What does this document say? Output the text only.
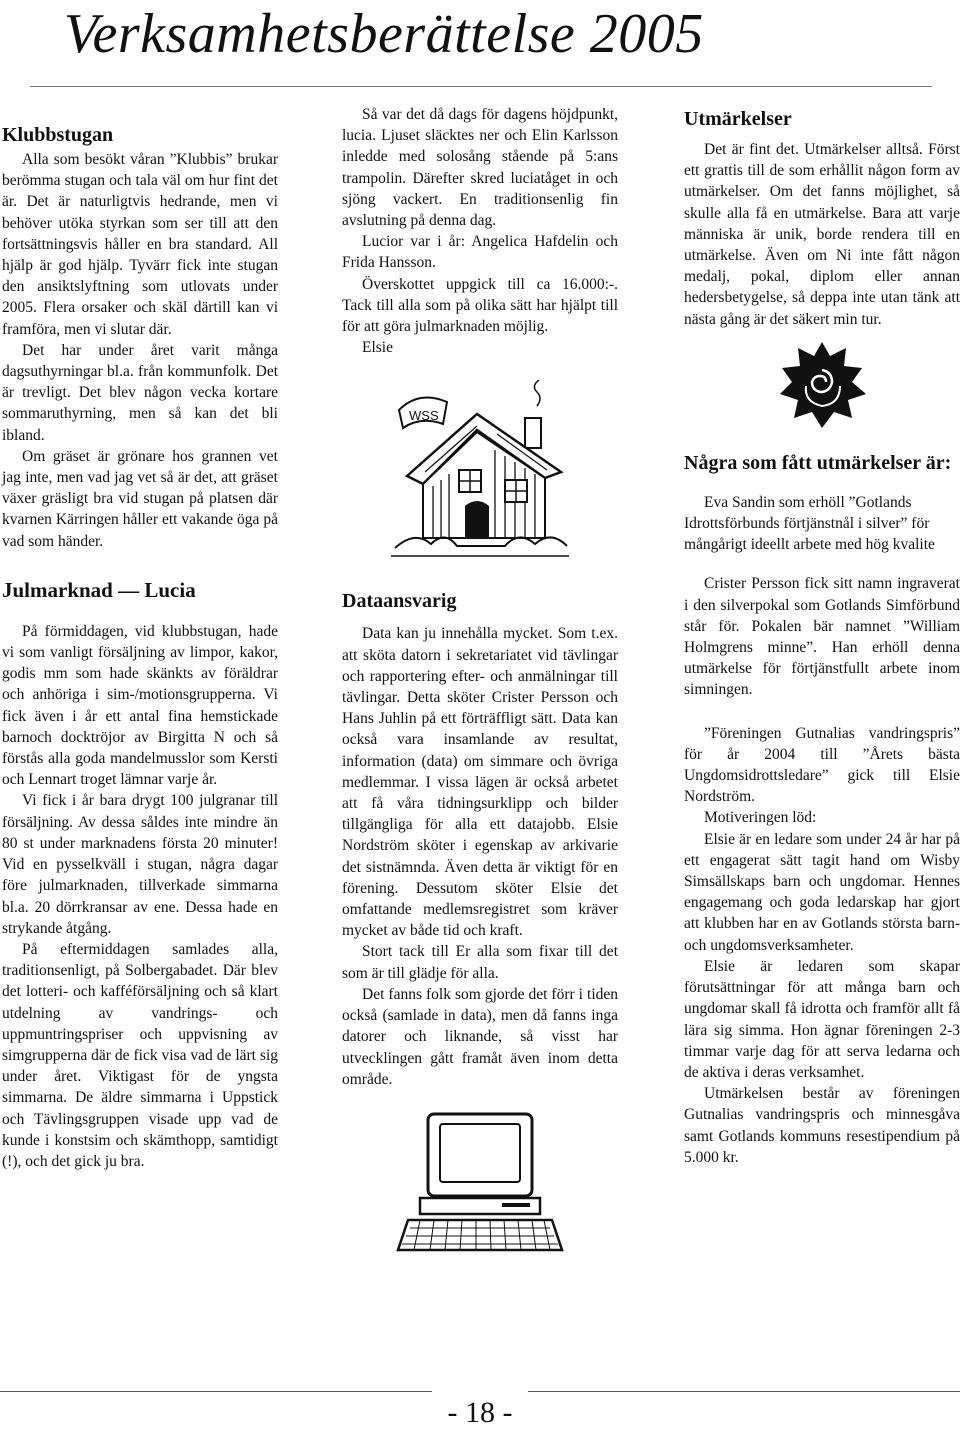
Verksamhetsberättelse 2005
Klubbstugan

Alla som besökt våran ”Klubbis” brukar berömma stugan och tala väl om hur fint det är. Det är naturligtvis hedrande, men vi behöver utöka styrkan som ser till att den fortsättningsvis håller en bra standard. All hjälp är god hjälp. Tyvärr fick inte stugan den ansiktslyftning som utlovats under 2005. Flera orsaker och skäl därtill kan vi framföra, men vi slutar där.

Det har under året varit många dagsuthyrningar bl.a. från kommunfolk. Det är trevligt. Det blev någon vecka kortare sommaruthyrning, men så kan det bli ibland.

Om gräset är grönare hos grannen vet jag inte, men vad jag vet så är det, att gräset växer gräsligt bra vid stugan på platsen där kvarnen Kärringen håller ett vakande öga på vad som händer.

Julmarknad — Lucia

På förmiddagen, vid klubbstugan, hade vi som vanligt försäljning av limpor, kakor, godis mm som hade skänkts av föräldrar och anhöriga i sim-/motionsgrupperna. Vi fick även i år ett antal fina hemstickade barnoch docktröjor av Birgitta N och så förstås alla goda mandelmusslor som Kersti och Lennart troget lämnar varje år.

Vi fick i år bara drygt 100 julgranar till försäljning. Av dessa såldes inte mindre än 80 st under marknadens första 20 minuter! Vid en pysselkväll i stugan, några dagar före julmarknaden, tillverkade simmarna bl.a. 20 dörrkransar av ene. Dessa hade en strykande åtgång.

På eftermiddagen samlades alla, traditionsenligt, på Solbergabadet. Där blev det lotteri- och kafféförsäljning och så klart utdelning av vandrings- och uppmuntringspriser och uppvisning av simgrupperna där de fick visa vad de lärt sig under året. Viktigast för de yngsta simmarna. De äldre simmarna i Uppstick och Tävlingsgruppen visade upp vad de kunde i konstsim och skämthopp, samtidigt (!), och det gick ju bra.

Så var det då dags för dagens höjdpunkt, lucia. Ljuset släcktes ner och Elin Karlsson inledde med solosång stående på 5:ans trampolin. Därefter skred luciatåget in och sjöng vackert. En traditionsenlig fin avslutning på denna dag.

Lucior var i år: Angelica Hafdelin och Frida Hansson.

Överskottet uppgick till ca 16.000:-. Tack till alla som på olika sätt har hjälpt till för att göra julmarknaden möjlig.

Elsie

WSS
Dataansvarig

Data kan ju innehålla mycket. Som t.ex. att sköta datorn i sekretariatet vid tävlingar och rapportering efter- och anmälningar till tävlingar. Detta sköter Crister Persson och Hans Juhlin på ett förträffligt sätt. Data kan också vara insamlande av resultat, information (data) om simmare och övriga medlemmar. I vissa lägen är också arbetet att få våra tidningsurklipp och bilder tillgängliga för alla ett datajobb. Elsie Nordström sköter i egenskap av arkivarie det sistnämnda. Även detta är viktigt för en förening. Dessutom sköter Elsie det omfattande medlemsregistret som kräver mycket av både tid och kraft.

Stort tack till Er alla som fixar till det som är till glädje för alla.

Det fanns folk som gjorde det förr i tiden också (samlade in data), men då fanns inga datorer och liknande, så visst har utvecklingen gått framåt även inom detta område.

Utmärkelser

Det är fint det. Utmärkelser alltså. Först ett grattis till de som erhållit någon form av utmärkelser. Om det fanns möjlighet, så skulle alla få en utmärkelse. Bara att varje människa är unik, borde rendera till en utmärkelse. Även om Ni inte fått någon medalj, pokal, diplom eller annan hedersbetygelse, så deppa inte utan tänk att nästa gång är det säkert min tur.

Några som fått utmärkelser är:

Eva Sandin som erhöll ”Gotlands Idrottsförbunds förtjänstnål i silver” för mångårigt ideellt arbete med hög kvalite

Crister Persson fick sitt namn ingraverat i den silverpokal som Gotlands Simförbund står för. Pokalen bär namnet ”William Holmgrens minne”. Han erhöll denna utmärkelse för förtjänstfullt arbete inom simningen.

”Föreningen Gutnalias vandringspris” för år 2004 till ”Årets bästa Ungdomsidrottsledare” gick till Elsie Nordström.

Motiveringen löd:

Elsie är en ledare som under 24 år har på ett engagerat sätt tagit hand om Wisby Simsällskaps barn och ungdomar. Hennes engagemang och goda ledarskap har gjort att klubben har en av Gotlands största barn- och ungdomsverksamheter.

Elsie är ledaren som skapar förutsättningar för att många barn och ungdomar skall få idrotta och framför allt få lära sig simma. Hon ägnar föreningen 2-3 timmar varje dag för att serva ledarna och de aktiva i deras verksamhet.

Utmärkelsen består av föreningen Gutnalias vandringspris och minnesgåva samt Gotlands kommuns resestipendium på 5.000 kr.

- 18 -
